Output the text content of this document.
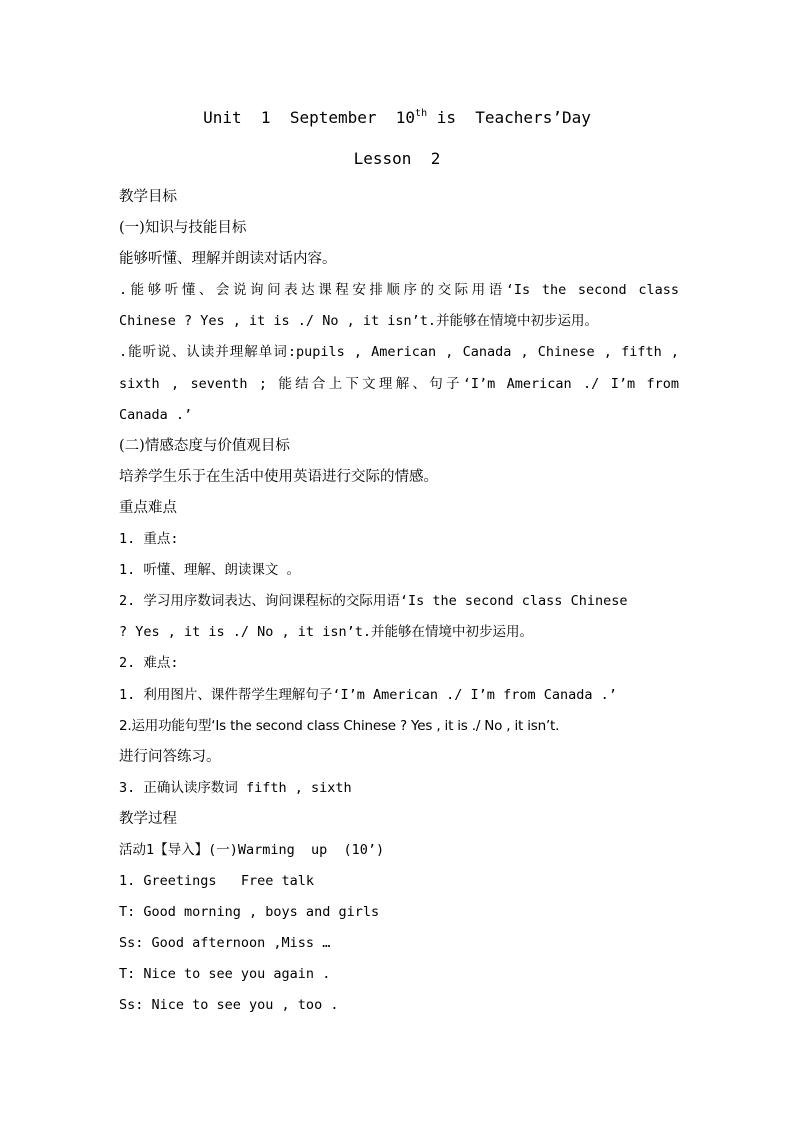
Unit  1  September  10th is  Teachers’Day
Lesson  2
教学目标
(一)知识与技能目标
能够听懂、理解并朗读对话内容。
.能够听懂、会说询问表达课程安排顺序的交际用语‘Is the second class
Chinese ? Yes , it is ./ No , it isn’t.并能够在情境中初步运用。
.能听说、认读并理解单词:pupils , American , Canada , Chinese , fifth ,
sixth , seventh ; 能结合上下文理解、句子‘I’m American ./ I’m from
Canada .’
(二)情感态度与价值观目标
培养学生乐于在生活中使用英语进行交际的情感。
重点难点
1. 重点:
1. 听懂、理解、朗读课文 。
2. 学习用序数词表达、询问课程标的交际用语‘Is the second class Chinese
? Yes , it is ./ No , it isn’t.并能够在情境中初步运用。
2. 难点:
1. 利用图片、课件帮学生理解句子‘I’m American ./ I’m from Canada .’
2.运用功能句型‘Is the second class Chinese ? Yes , it is ./ No , it isn’t.
进行问答练习。
3. 正确认读序数词 fifth , sixth
教学过程
活动1【导入】(一)Warming  up  (10’)
1. Greetings   Free talk
T: Good morning , boys and girls
Ss: Good afternoon ,Miss …
T: Nice to see you again .
Ss: Nice to see you , too .
